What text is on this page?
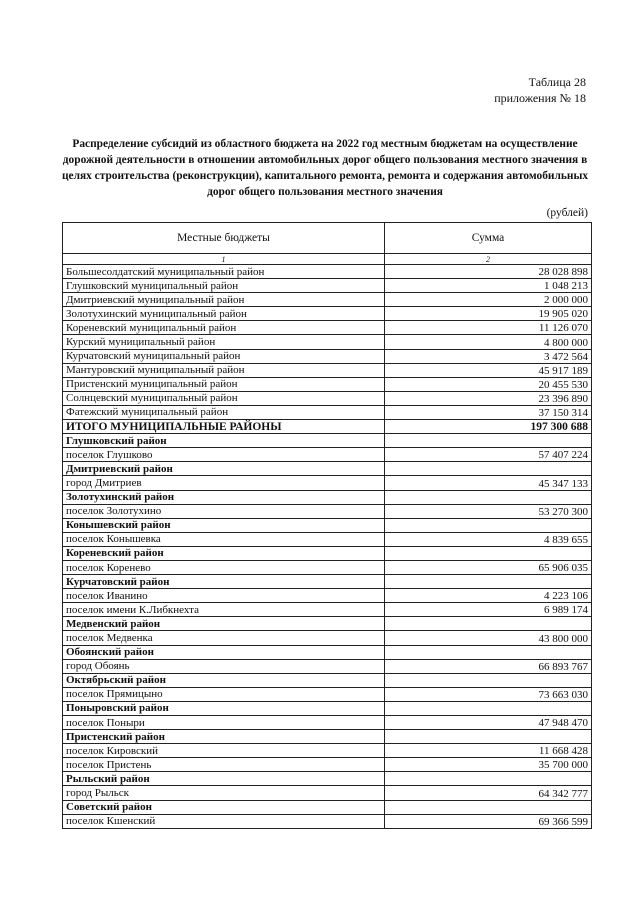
Таблица 28
приложения № 18
Распределение субсидий из областного бюджета на 2022 год местным бюджетам на осуществление дорожной деятельности в отношении автомобильных дорог общего пользования местного значения в целях строительства (реконструкции), капитального ремонта, ремонта и содержания автомобильных дорог общего пользования местного значения
(рублей)
Местные бюджеты	Сумма
1	2
Большесолдатский муниципальный район	28 028 898
Глушковский муниципальный район	1 048 213
Дмитриевский муниципальный район	2 000 000
Золотухинский муниципальный район	19 905 020
Кореневский муниципальный район	11 126 070
Курский муниципальный район	4 800 000
Курчатовский муниципальный район	3 472 564
Мантуровский муниципальный район	45 917 189
Пристенский муниципальный район	20 455 530
Солнцевский муниципальный район	23 396 890
Фатежский муниципальный район	37 150 314
ИТОГО МУНИЦИПАЛЬНЫЕ РАЙОНЫ	197 300 688
Глушковский район	
поселок Глушково	57 407 224
Дмитриевский район	
город Дмитриев	45 347 133
Золотухинский район	
поселок Золотухино	53 270 300
Конышевский район	
поселок Конышевка	4 839 655
Кореневский район	
поселок Коренево	65 906 035
Курчатовский район	
поселок Иванино	4 223 106
поселок имени К.Либкнехта	6 989 174
Медвенский район	
поселок Медвенка	43 800 000
Обоянский район	
город Обоянь	66 893 767
Октябрьский район	
поселок Прямицыно	73 663 030
Поныровский район	
поселок Поныри	47 948 470
Пристенский район	
поселок Кировский	11 668 428
поселок Пристень	35 700 000
Рыльский район	
город Рыльск	64 342 777
Советский район	
поселок Кшенский	69 366 599
